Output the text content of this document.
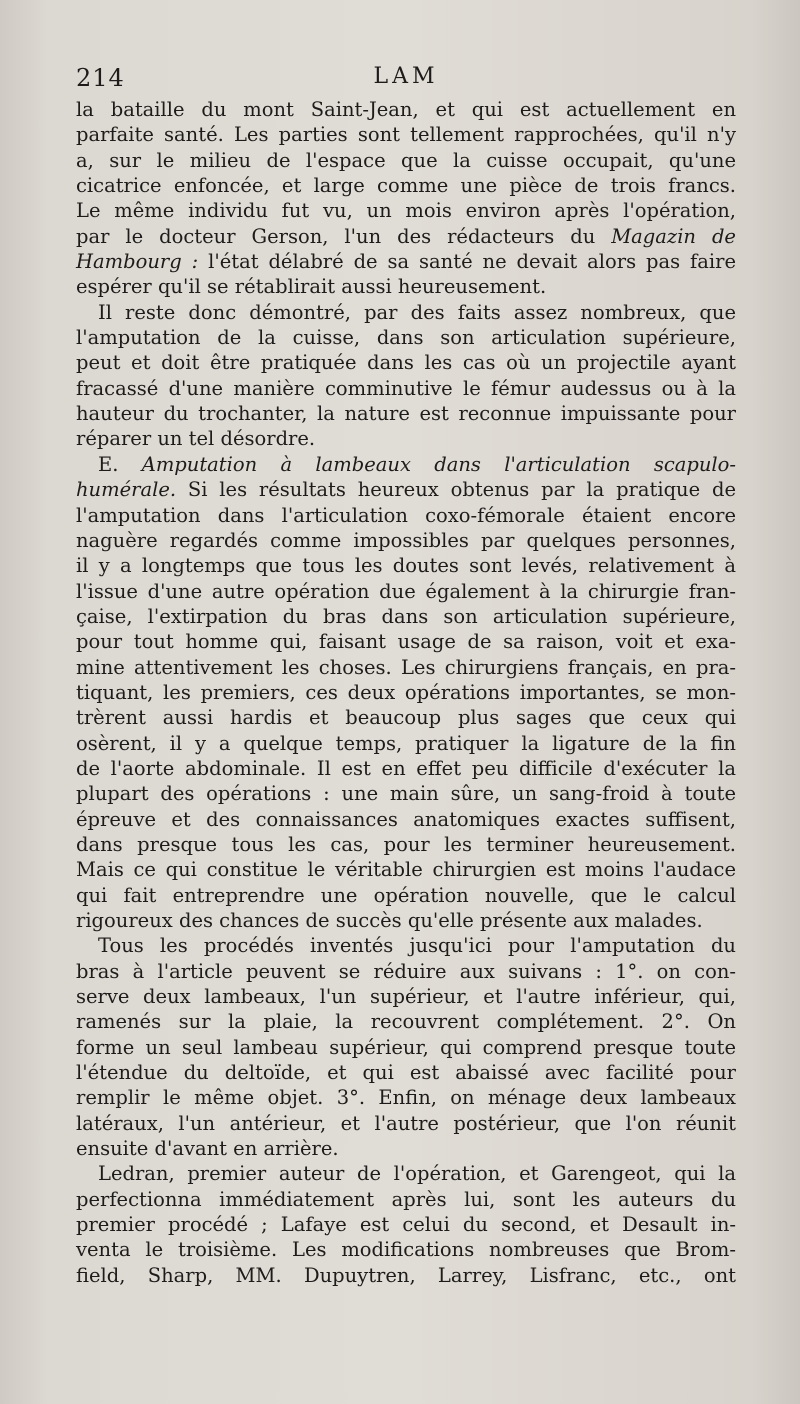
214	LAM
la bataille du mont Saint-Jean, et qui est actuellement en
parfaite santé. Les parties sont tellement rapprochées, qu'il n'y
a, sur le milieu de l'espace que la cuisse occupait, qu'une
cicatrice enfoncée, et large comme une pièce de trois francs.
Le même individu fut vu, un mois environ après l'opération,
par le docteur Gerson, l'un des rédacteurs du Magazin de
Hambourg : l'état délabré de sa santé ne devait alors pas faire
espérer qu'il se rétablirait aussi heureusement.
Il reste donc démontré, par des faits assez nombreux, que
l'amputation de la cuisse, dans son articulation supérieure,
peut et doit être pratiquée dans les cas où un projectile ayant
fracassé d'une manière comminutive le fémur audessus ou à la
hauteur du trochanter, la nature est reconnue impuissante pour
réparer un tel désordre.
E. Amputation à lambeaux dans l'articulation scapulo-
humérale. Si les résultats heureux obtenus par la pratique de
l'amputation dans l'articulation coxo-fémorale étaient encore
naguère regardés comme impossibles par quelques personnes,
il y a longtemps que tous les doutes sont levés, relativement à
l'issue d'une autre opération due également à la chirurgie fran-
çaise, l'extirpation du bras dans son articulation supérieure,
pour tout homme qui, faisant usage de sa raison, voit et exa-
mine attentivement les choses. Les chirurgiens français, en pra-
tiquant, les premiers, ces deux opérations importantes, se mon-
trèrent aussi hardis et beaucoup plus sages que ceux qui
osèrent, il y a quelque temps, pratiquer la ligature de la fin
de l'aorte abdominale. Il est en effet peu difficile d'exécuter la
plupart des opérations : une main sûre, un sang-froid à toute
épreuve et des connaissances anatomiques exactes suffisent,
dans presque tous les cas, pour les terminer heureusement.
Mais ce qui constitue le véritable chirurgien est moins l'audace
qui fait entreprendre une opération nouvelle, que le calcul
rigoureux des chances de succès qu'elle présente aux malades.
Tous les procédés inventés jusqu'ici pour l'amputation du
bras à l'article peuvent se réduire aux suivans : 1°. on con-
serve deux lambeaux, l'un supérieur, et l'autre inférieur, qui,
ramenés sur la plaie, la recouvrent complétement. 2°. On
forme un seul lambeau supérieur, qui comprend presque toute
l'étendue du deltoïde, et qui est abaissé avec facilité pour
remplir le même objet. 3°. Enfin, on ménage deux lambeaux
latéraux, l'un antérieur, et l'autre postérieur, que l'on réunit
ensuite d'avant en arrière.
Ledran, premier auteur de l'opération, et Garengeot, qui la
perfectionna immédiatement après lui, sont les auteurs du
premier procédé ; Lafaye est celui du second, et Desault in-
venta le troisième. Les modifications nombreuses que Brom-
field, Sharp, MM. Dupuytren, Larrey, Lisfranc, etc., ont
